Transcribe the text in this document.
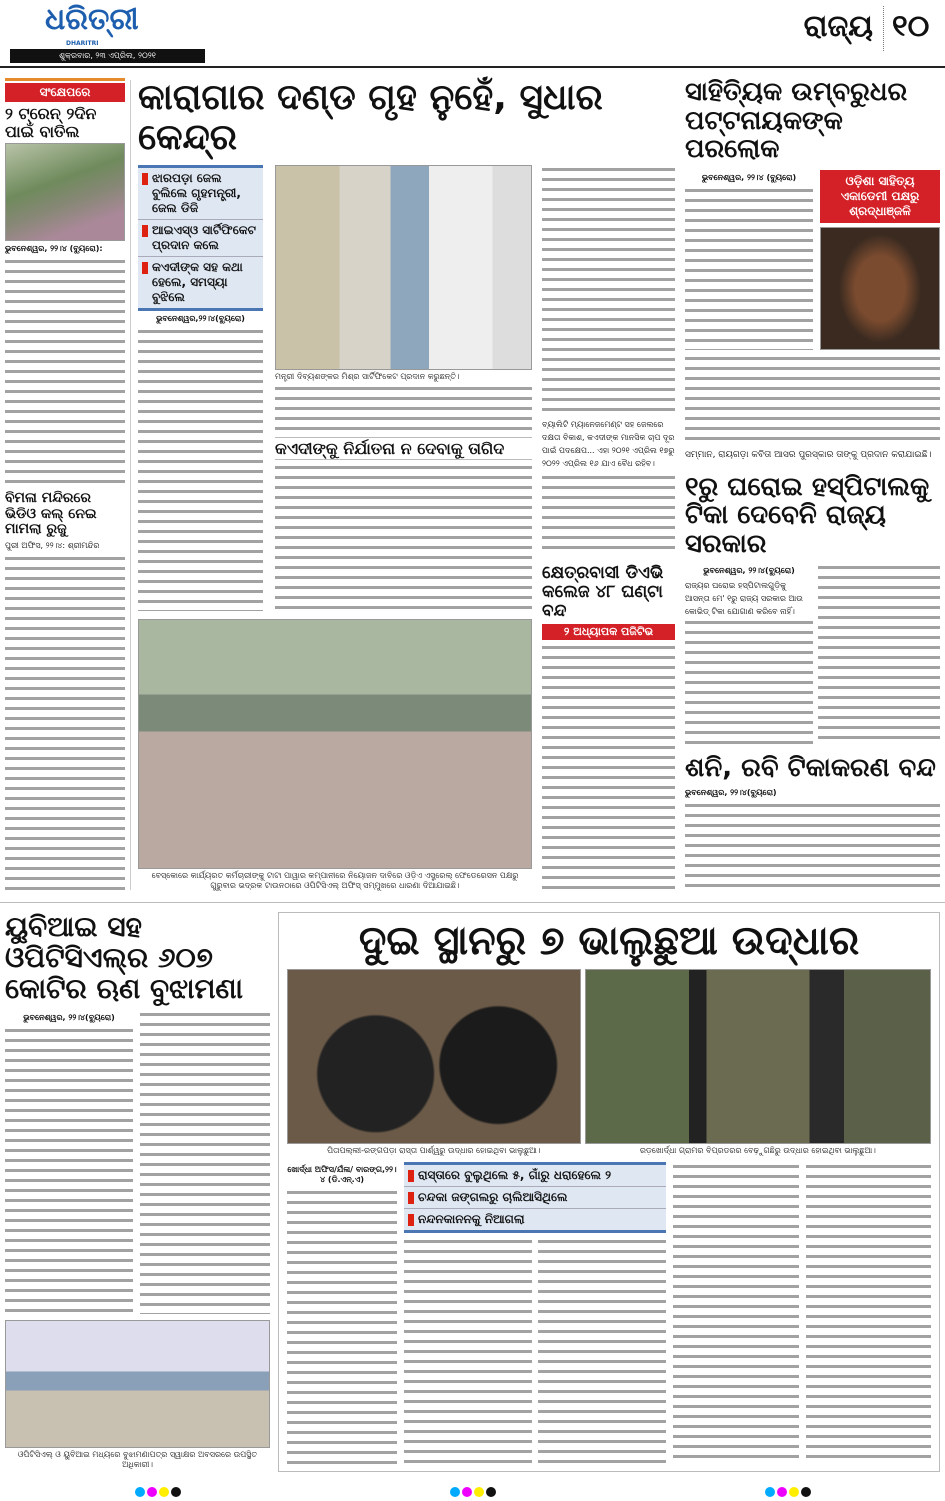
ଧରିତ୍ରୀ
DHARITRI
ଶୁକ୍ରବାର, ୨୩ ଏପ୍ରିଲ, ୨୦୨୧
ରାଜ୍ୟ ୧୦
ସଂକ୍ଷେପରେ
୨ ଟ୍ରେନ୍ ୨ଦିନ ପାଇଁ ବାତିଲ
ଭୁବନେଶ୍ୱର, ୨୨।୪ (ବ୍ୟୁରୋ):
ବିମଳା ମନ୍ଦିରରେ ଭିଡିଓ କଲ୍ ନେଇ ମାମଲା ରୁଜୁ
ପୁରୀ ଅଫିସ, ୨୨।୪: ଶ୍ରୀମନ୍ଦିର
କାରାଗାର ଦଣ୍ଡ ଗୃହ ନୁହେଁ, ସୁଧାର କେନ୍ଦ୍ର
ଝାରପଡ଼ା ଜେଲ ବୁଲିଲେ ଗୃହମନ୍ତ୍ରୀ, ଜେଲ ଡିଜି
ଆଇଏସ୍‌ଓ ସାର୍ଟିଫିକେଟ ପ୍ରଦାନ କଲେ
କଏଦୀଙ୍କ ସହ କଥା ହେଲେ, ସମସ୍ୟା ବୁଝିଲେ
ଭୁବନେଶ୍ୱର,୨୨।୪(ବ୍ୟୁରୋ)
ମନ୍ତ୍ରୀ ଦିବ୍ୟଶଙ୍କର ମିଶ୍ର ସାର୍ଟିଫିକେଟ ପ୍ରଦାନ କରୁଛନ୍ତି।
କଏଦୀଙ୍କୁ ନିର୍ଯାତନା ନ ଦେବାକୁ ତାଗିଦ
ବେସ୍‌କୋରେ କାର୍ଯ୍ୟରତ କର୍ମଚାରୀଙ୍କୁ ଟାଟା ପାୱାର କମ୍ପାନୀରେ ନିୟୋଜନ ଦାବିରେ ଓଡ଼ିଏ ଏସ୍ଟ୍ରେଲ୍ ଫେଡେରେସନ ପକ୍ଷରୁ ଗୁରୁବାର ଭଦ୍ରକ ଟାଉନଠାରେ ଓପିଟିସିଏଲ୍ ଅଫିସ୍ ସମ୍ମୁଖରେ ଧାରଣା ଦିଆଯାଇଛି।
ବ୍ୟାଲିଟି ମ୍ୟାନେଜମେଣ୍ଟ ସହ ଜେଲରେ ଦକ୍ଷତା ବିକାଶ, କଏଦୀଙ୍କ ମାନସିକ ଚାପ ଦୂର ପାଇଁ ପଦକ୍ଷେପ... ଏହା ୨୦୨୧ ଏପ୍ରିଲ ୧୭ରୁ ୨୦୨୨ ଏପ୍ରିଲ ୧୬ ଯାଏ ବୈଧ ରହିବ।
କ୍ଷେତ୍ରବାସୀ ଡିଏଭି କଲେଜ ୪୮ ଘଣ୍ଟା ବନ୍ଦ
୨ ଅଧ୍ୟାପକ ପଜିଟିଭ
ସାହିତ୍ୟିକ ଉମ୍ବରୁଧର ପଟ୍ଟନାୟକଙ୍କ ପରଲୋକ
ଭୁବନେଶ୍ୱର, ୨୨।୪ (ବ୍ୟୁରୋ)	ଓଡ଼ିଶା ସାହିତ୍ୟ ଏକାଡେମୀ ପକ୍ଷରୁ ଶ୍ରଦ୍ଧାଞ୍ଜଳି
ସମ୍ମାନ, ରାୟଗଡ଼ା କବିତା ଆସର ପୁରସ୍କାର ତାଙ୍କୁ ପ୍ରଦାନ କରାଯାଇଛି।
୧ରୁ ଘରୋଇ ହସ୍ପିଟାଲକୁ ଟିକା ଦେବେନି ରାଜ୍ୟ ସରକାର
ଭୁବନେଶ୍ୱର, ୨୨।୪(ବ୍ୟୁରୋ)
ରାଜ୍ୟର ଘରୋଇ ହସ୍ପିଟାଲଗୁଡ଼ିକୁ ଆସନ୍ତା ମେ' ୧ରୁ ରାଜ୍ୟ ସରକାର ଆଉ କୋଭିଡ୍ ଟିକା ଯୋଗାଣ କରିବେ ନାହିଁ।
ଶନି, ରବି ଟିକାକରଣ ବନ୍ଦ
ଭୁବନେଶ୍ୱର, ୨୨।୪(ବ୍ୟୁରୋ)
ୟୁବିଆଇ ସହ ଓପିଟିସିଏଲ୍‌ର ୬୦୭ କୋଟିର ଋଣ ବୁଝାମଣା
ଭୁବନେଶ୍ୱର, ୨୨।୪(ବ୍ୟୁରୋ)
ଓପିଟିସିଏଲ୍ ଓ ୟୁବିଆଇ ମଧ୍ୟରେ ବୁଝାମଣାପତ୍ର ସ୍ୱାକ୍ଷର ଅବସରରେ ଉପସ୍ଥିତ ଅଧିକାରୀ।
ଦୁଇ ସ୍ଥାନରୁ ୭ ଭାଲୁଛୁଆ ଉଦ୍ଧାର
ପିତାପଲ୍ଲୀ-ରଙ୍ଗପଡ଼ା ରାସ୍ତା ପାର୍ଶ୍ୱରୁ ଉଦ୍ଧାର ହୋଇଥିବା ଭାଲୁଛୁଆ।	ରଡ଼ଖୋର୍ଦ୍ଧା ଗ୍ରାମର ବିପ୍ରଡରର ବେଢ଼ୁଗଛିରୁ ଉଦ୍ଧାର ହୋଇଥିବା ଭାଲୁଛୁଆ।
ଖୋର୍ଦ୍ଧା ଅଫିସ/ଯଁଳା/ ବାରଙ୍ଗ,୨୨।୪ (ଡି.ଏନ୍.ଏ)	ରାସ୍ତାରେ ବୁଲୁଥିଲେ ୫, ଗାଁରୁ ଧରାହେଲେ ୨
ଚନ୍ଦକା ଜଙ୍ଗଲରୁ ଚାଲିଆସିଥିଲେ
ନନ୍ଦନକାନନକୁ ନିଆଗଲା
